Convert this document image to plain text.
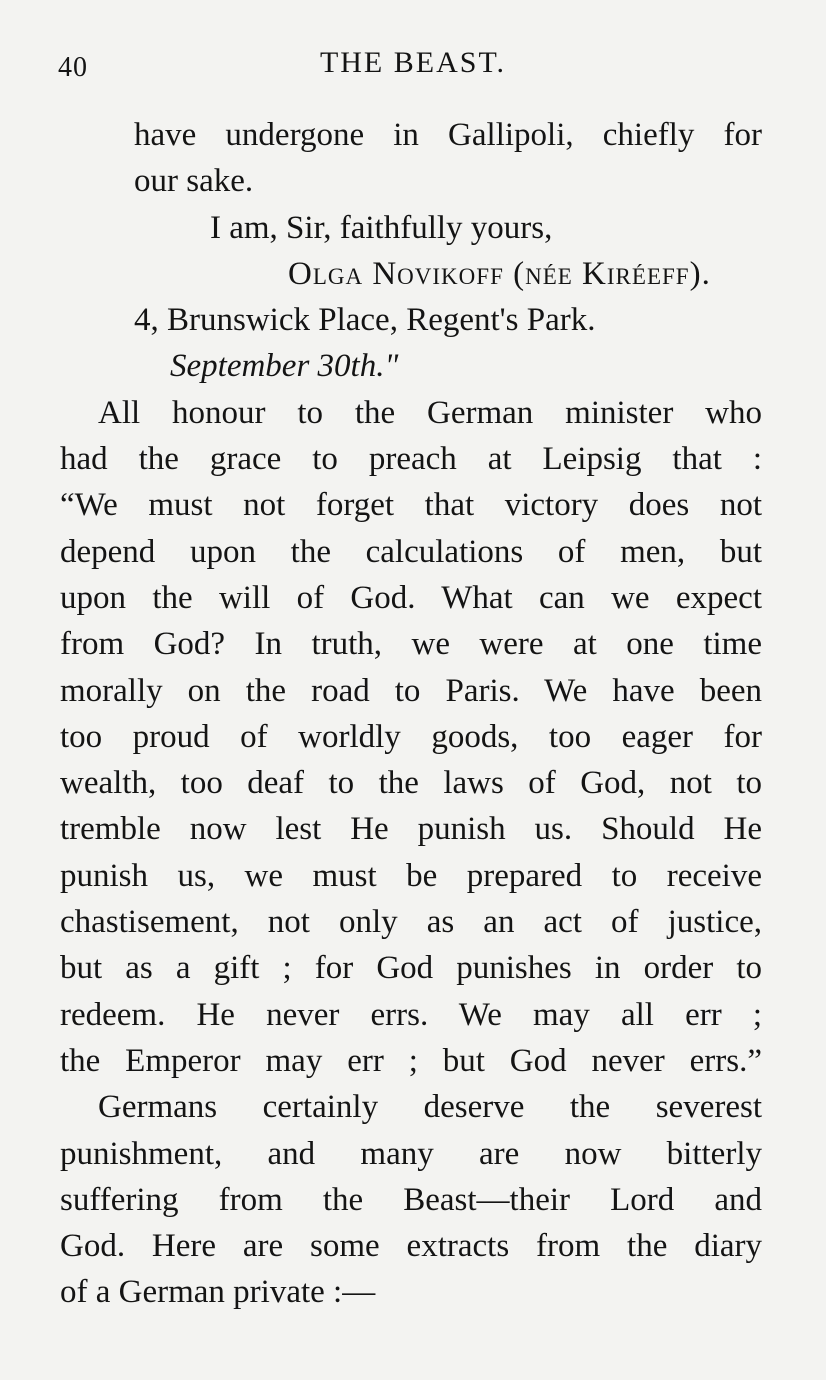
40	THE BEAST.
have undergone in Gallipoli, chiefly for
our sake.
I am, Sir, faithfully yours,
Olga Novikoff (née Kiréeff).
4, Brunswick Place, Regent's Park.
September 30th."
All honour to the German minister who
had the grace to preach at Leipsig that :
“We must not forget that victory does not
depend upon the calculations of men, but
upon the will of God. What can we expect
from God? In truth, we were at one time
morally on the road to Paris. We have been
too proud of worldly goods, too eager for
wealth, too deaf to the laws of God, not to
tremble now lest He punish us. Should He
punish us, we must be prepared to receive
chastisement, not only as an act of justice,
but as a gift ; for God punishes in order to
redeem. He never errs. We may all err ;
the Emperor may err ; but God never errs.”
Germans certainly deserve the severest
punishment, and many are now bitterly
suffering from the Beast—their Lord and
God. Here are some extracts from the diary
of a German private :—
